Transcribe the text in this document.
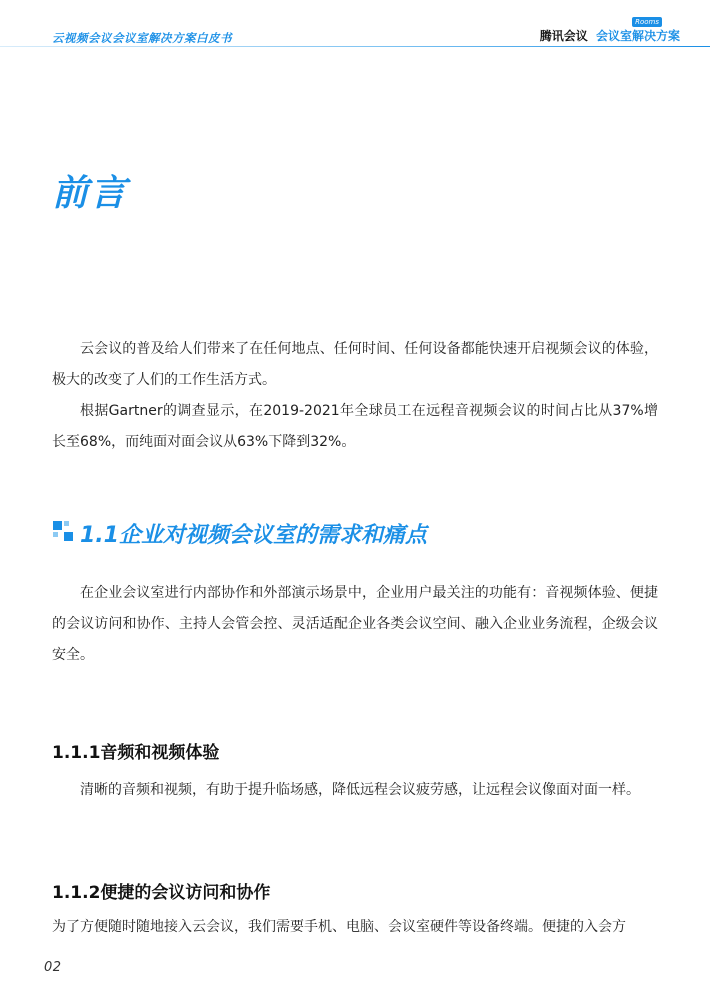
云视频会议会议室解决方案白皮书
Rooms
腾讯会议 会议室解决方案
前言
云会议的普及给人们带来了在任何地点、任何时间、任何设备都能快速开启视频会议的体验，极大的改变了人们的工作生活方式。
根据Gartner的调查显示，在2019-2021年全球员工在远程音视频会议的时间占比从37%增长至68%，而纯面对面会议从63%下降到32%。
1.1企业对视频会议室的需求和痛点
在企业会议室进行内部协作和外部演示场景中，企业用户最关注的功能有：音视频体验、便捷的会议访问和协作、主持人会管会控、灵活适配企业各类会议空间、融入企业业务流程，企级会议安全。
1.1.1音频和视频体验
清晰的音频和视频，有助于提升临场感，降低远程会议疲劳感，让远程会议像面对面一样。
1.1.2便捷的会议访问和协作
为了方便随时随地接入云会议，我们需要手机、电脑、会议室硬件等设备终端。便捷的入会方
02
